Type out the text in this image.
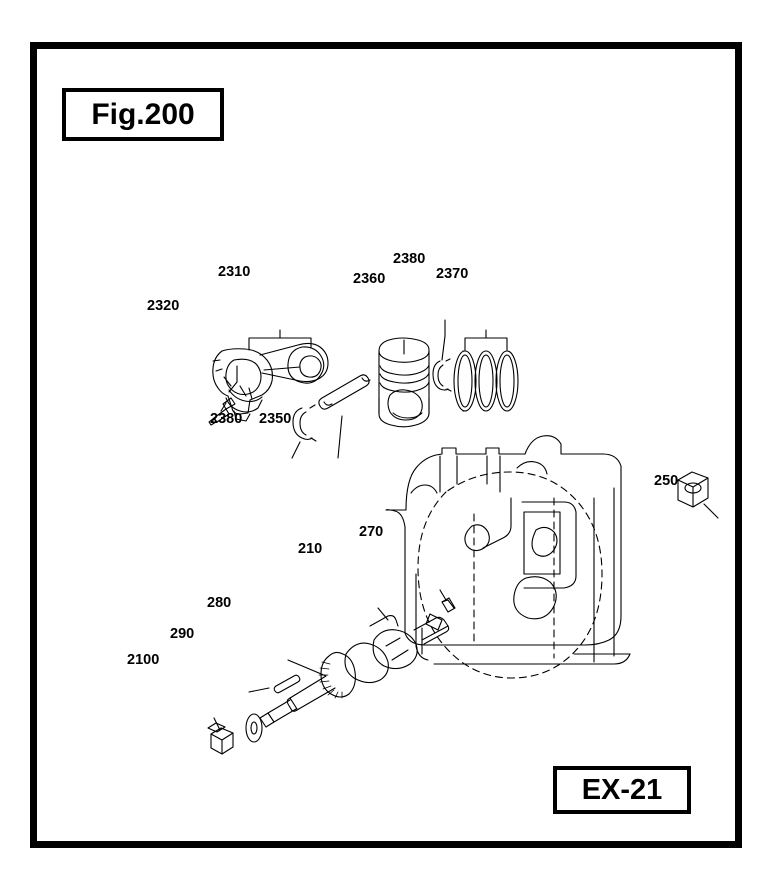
2310
2320
2360
2380
2370
2380 2350
250
270
210
280
290
2100
Fig.200
EX-21
